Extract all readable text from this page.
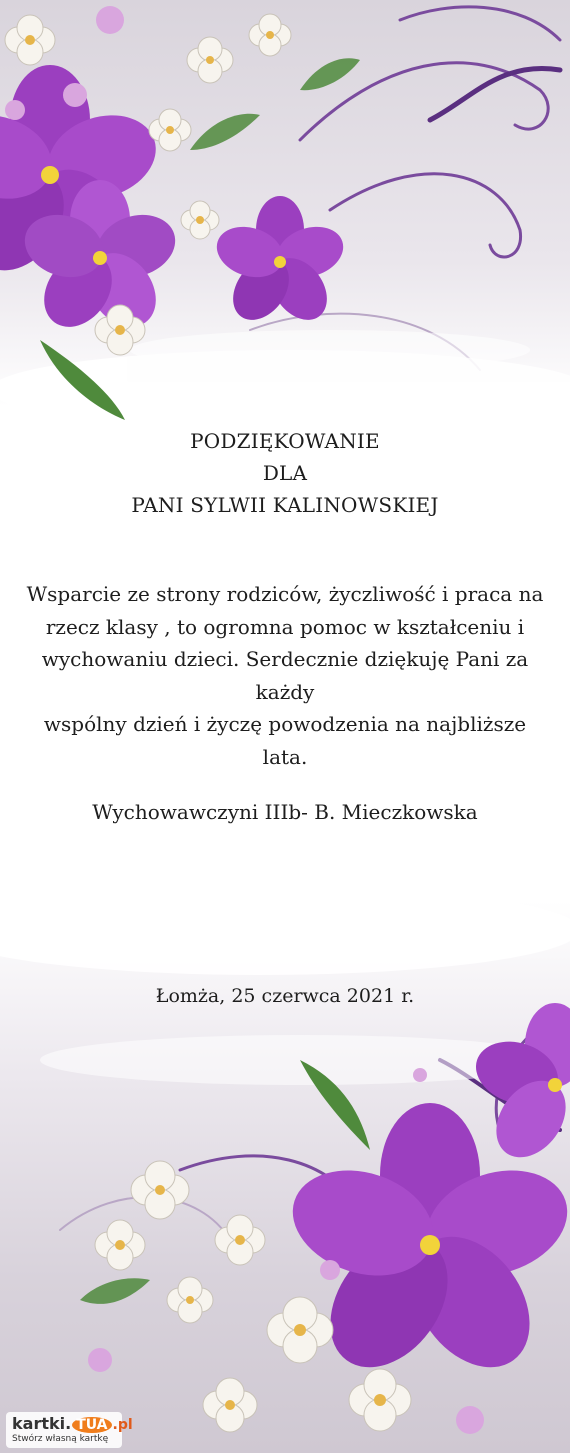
PODZIĘKOWANIE
DLA
PANI SYLWII KALINOWSKIEJ
Wsparcie ze strony rodziców, życzliwość i praca na
rzecz klasy , to ogromna pomoc w kształceniu i
wychowaniu dzieci. Serdecznie dziękuję Pani za
każdy
wspólny dzień i życzę powodzenia na najbliższe lata.
Wychowawczyni IIIb- B. Mieczkowska
Łomża, 25 czerwca 2021 r.
kartki. TUA .pl
Stwórz własną kartkę
